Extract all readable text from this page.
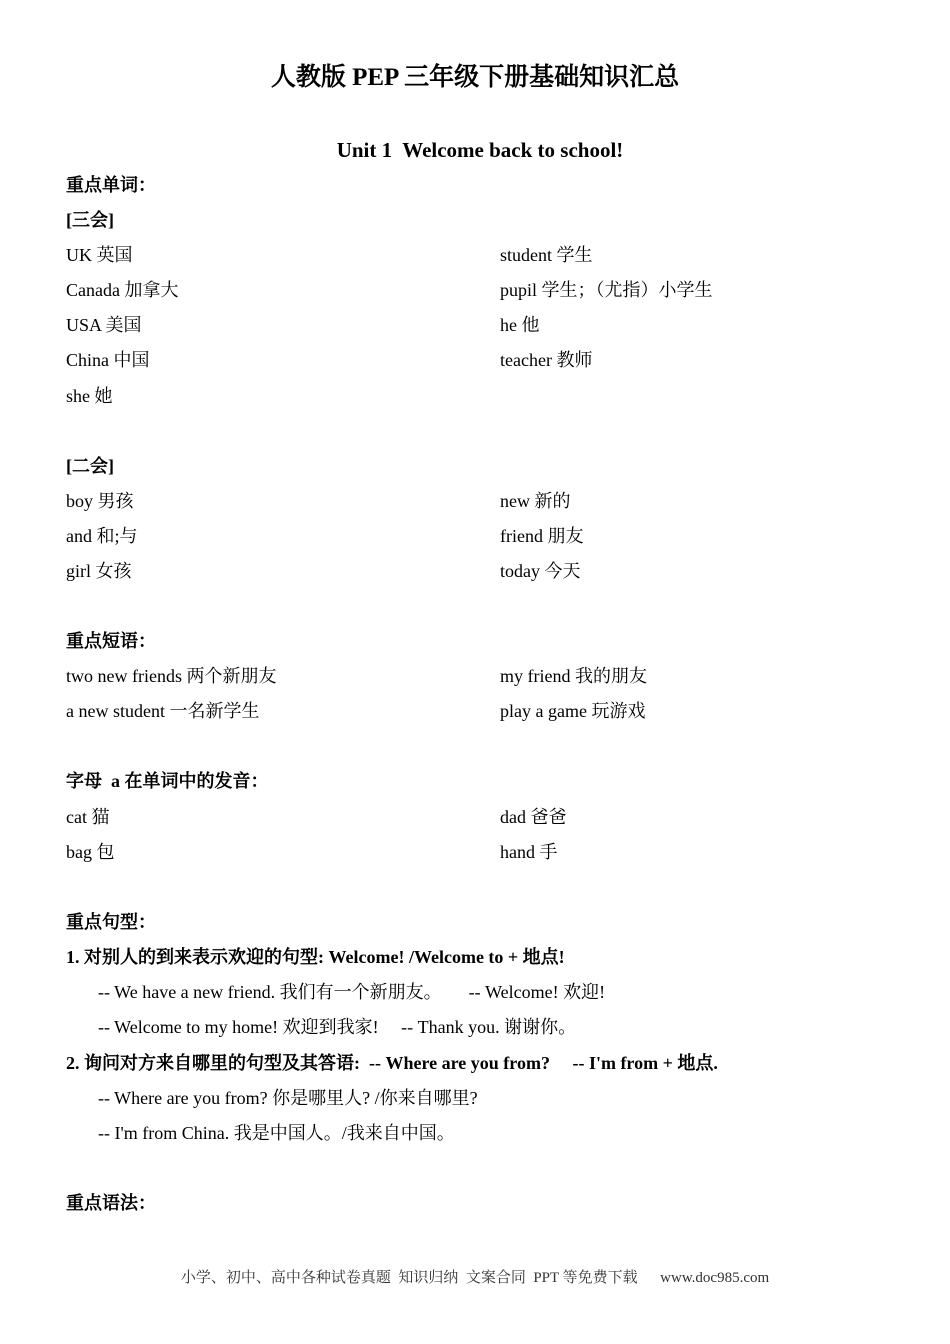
人教版 PEP 三年级下册基础知识汇总
Unit 1  Welcome back to school!
重点单词：
[三会]
UK 英国	student 学生
Canada 加拿大	pupil 学生；（尤指）小学生
USA 美国	he 他
China 中国	teacher 教师
she 她
[二会]
boy 男孩	new 新的
and 和;与	friend 朋友
girl 女孩	today 今天
重点短语：
two new friends 两个新朋友	my friend 我的朋友
a new student 一名新学生	play a game 玩游戏
字母  a 在单词中的发音：
cat 猫	dad 爸爸
bag 包	hand 手
重点句型：
1. 对别人的到来表示欢迎的句型: Welcome! /Welcome to + 地点!
-- We have a new friend. 我们有一个新朋友。      -- Welcome! 欢迎!
-- Welcome to my home! 欢迎到我家!     -- Thank you. 谢谢你。
2. 询问对方来自哪里的句型及其答语:  -- Where are you from?     -- I'm from + 地点.
-- Where are you from? 你是哪里人? /你来自哪里?
-- I'm from China. 我是中国人。/我来自中国。
重点语法：
小学、初中、高中各种试卷真题  知识归纳  文案合同  PPT 等免费下载      www.doc985.com
